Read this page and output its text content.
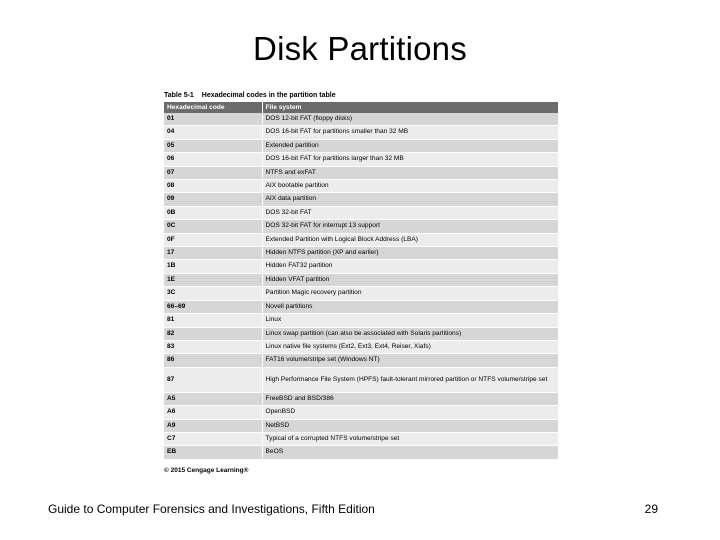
Disk Partitions
Table 5-1 Hexadecimal codes in the partition table
Hexadecimal code	File system
01	DOS 12-bit FAT (floppy disks)
04	DOS 16-bit FAT for partitions smaller than 32 MB
05	Extended partition
06	DOS 16-bit FAT for partitions larger than 32 MB
07	NTFS and exFAT
08	AIX bootable partition
09	AIX data partition
0B	DOS 32-bit FAT
0C	DOS 32-bit FAT for interrupt 13 support
0F	Extended Partition with Logical Block Address (LBA)
17	Hidden NTFS partition (XP and earlier)
1B	Hidden FAT32 partition
1E	Hidden VFAT partition
3C	Partition Magic recovery partition
66–69	Novell partitions
81	Linux
82	Linux swap partition (can also be associated with Solaris partitions)
83	Linux native file systems (Ext2, Ext3, Ext4, Reiser, Xiafs)
86	FAT16 volume/stripe set (Windows NT)
87	High Performance File System (HPFS) fault-tolerant mirrored partition or NTFS volume/stripe set
A5	FreeBSD and BSD/386
A6	OpenBSD
A9	NetBSD
C7	Typical of a corrupted NTFS volume/stripe set
EB	BeOS
© 2015 Cengage Learning®
Guide to Computer Forensics and Investigations, Fifth Edition	29
